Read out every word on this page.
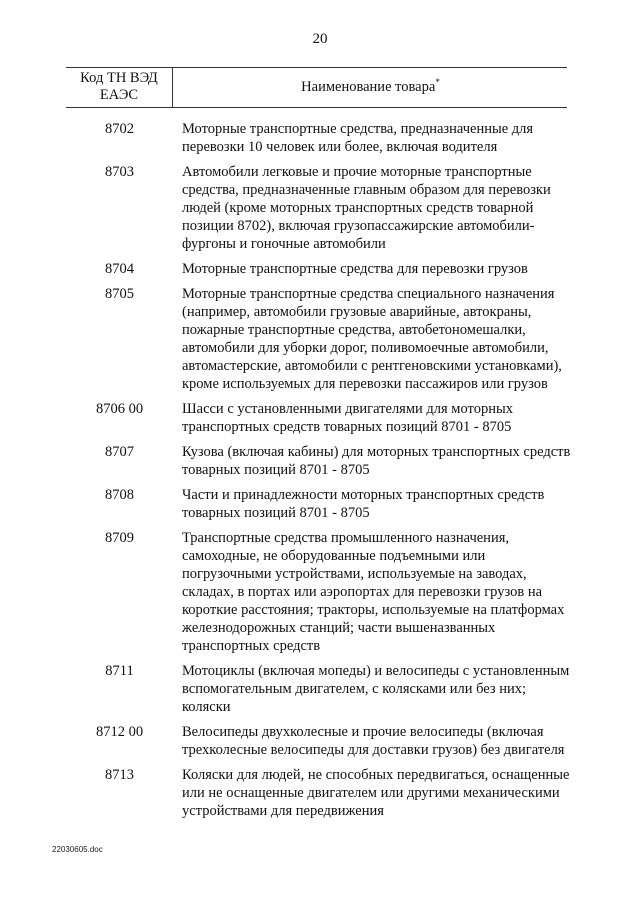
20
Код ТН ВЭД ЕАЭС	Наименование товара*
8702	Моторные транспортные средства, предназначенные для перевозки 10 человек или более, включая водителя
8703	Автомобили легковые и прочие моторные транспортные средства, предназначенные главным образом для перевозки людей (кроме моторных транспортных средств товарной позиции 8702), включая грузопассажирские автомобили-фургоны и гоночные автомобили
8704	Моторные транспортные средства для перевозки грузов
8705	Моторные транспортные средства специального назначения (например, автомобили грузовые аварийные, автокраны, пожарные транспортные средства, автобетономешалки, автомобили для уборки дорог, поливомоечные автомобили, автомастерские, автомобили с рентгеновскими установками), кроме используемых для перевозки пассажиров или грузов
8706 00	Шасси с установленными двигателями для моторных транспортных средств товарных позиций 8701 - 8705
8707	Кузова (включая кабины) для моторных транспортных средств товарных позиций 8701 - 8705
8708	Части и принадлежности моторных транспортных средств товарных позиций 8701 - 8705
8709	Транспортные средства промышленного назначения, самоходные, не оборудованные подъемными или погрузочными устройствами, используемые на заводах, складах, в портах или аэропортах для перевозки грузов на короткие расстояния; тракторы, используемые на платформах железнодорожных станций; части вышеназванных транспортных средств
8711	Мотоциклы (включая мопеды) и велосипеды с установленным вспомогательным двигателем, с колясками или без них; коляски
8712 00	Велосипеды двухколесные и прочие велосипеды (включая трехколесные велосипеды для доставки грузов) без двигателя
8713	Коляски для людей, не способных передвигаться, оснащенные или не оснащенные двигателем или другими механическими устройствами для передвижения
22030605.doc
